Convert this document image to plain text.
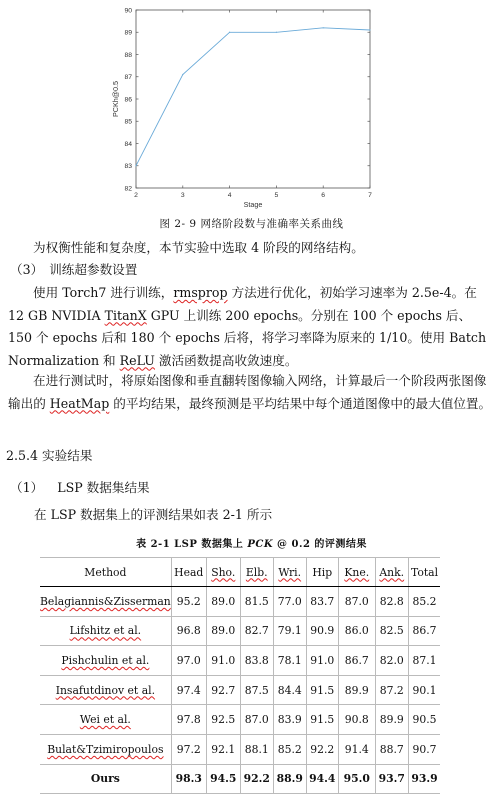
2	3	4	5	6	7
82
83
84
85
86
87
88
89
90
Stage
PCKh@0.5
图 2- 9 网络阶段数与准确率关系曲线
为权衡性能和复杂度，本节实验中选取 4 阶段的网络结构。
（3） 训练超参数设置
使用 Torch7 进行训练，rmsprop 方法进行优化，初始学习速率为 2.5e-4。在 12 GB NVIDIA TitanX GPU 上训练 200 epochs。分别在 100 个 epochs 后、150 个 epochs 后和 180 个 epochs 后将，将学习率降为原来的 1/10。使用 Batch Normalization 和 ReLU 激活函数提高收敛速度。
在进行测试时，将原始图像和垂直翻转图像输入网络，计算最后一个阶段两张图像输出的 HeatMap 的平均结果，最终预测是平均结果中每个通道图像中的最大值位置。
2.5.4 实验结果
（1） LSP 数据集结果
在 LSP 数据集上的评测结果如表 2-1 所示
表 2-1 LSP 数据集上 PCK @ 0.2 的评测结果
Method	Head	Sho.	Elb.	Wri.	Hip	Kne.	Ank.	Total
Belagiannis&Zisserman	95.2	89.0	81.5	77.0	83.7	87.0	82.8	85.2
Lifshitz et al.	96.8	89.0	82.7	79.1	90.9	86.0	82.5	86.7
Pishchulin et al.	97.0	91.0	83.8	78.1	91.0	86.7	82.0	87.1
Insafutdinov et al.	97.4	92.7	87.5	84.4	91.5	89.9	87.2	90.1
Wei et al.	97.8	92.5	87.0	83.9	91.5	90.8	89.9	90.5
Bulat&Tzimiropoulos	97.2	92.1	88.1	85.2	92.2	91.4	88.7	90.7
Ours	98.3	94.5	92.2	88.9	94.4	95.0	93.7	93.9
